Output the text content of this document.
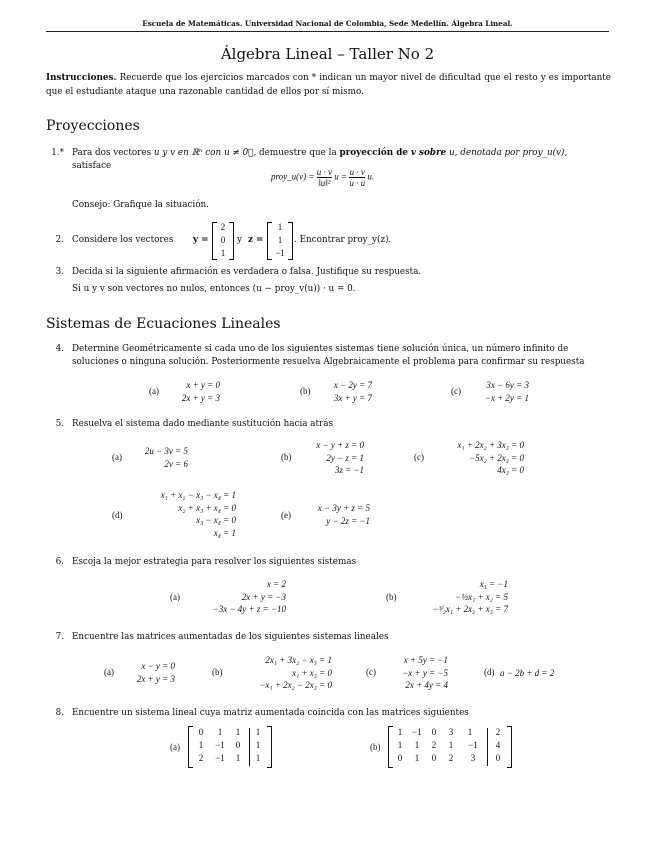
Escuela de Matemáticas. Universidad Nacional de Colombia, Sede Medellín. Álgebra Lineal.
Álgebra Lineal – Taller No 2
Instrucciones. Recuerde que los ejercicios marcados con * indican un mayor nivel de dificultad que el resto y es importante que el estudiante ataque una razonable cantidad de ellos por sí mismo.
Proyecciones
1.* Para dos vectores u y v en ℝⁿ con u ≠ 0⃗, demuestre que la proyección de v sobre u, denotada por proy_u(v),
satisface
proy_u(v) = $\frac{u \cdot v}{\text{‖u‖²}}$ $u = \frac{u \cdot v}{u \cdot u} u$.
Consejo: Grafique la situación.
2. Considere los vectores y =
2
0
1
y z =
1
1
−1
. Encontrar proy_y(z).
3. Decida si la siguiente afirmación es verdadera o falsa. Justifique su respuesta.
Si u y v son vectores no nulos, entonces (u − proy_v(u)) · u = 0.
Sistemas de Ecuaciones Lineales
4. Determine Geométricamente si cada uno de los siguientes sistemas tiene solución única, un número infinito de
soluciones o ninguna solución. Posteriormente resuelva Algebraicamente el problema para confirmar su respuesta
(a)
x + y = 0
2x + y = 3
(b)
x − 2y = 7
3x + y = 7
(c)
3x − 6y = 3
−x + 2y = 1
5. Resuelva el sistema dado mediante sustitución hacia atrás
(a)
2u − 3v = 5
2v = 6
(b)
x − y + z = 0
2y − z = 1
3z = −1
(c)
x₁ + 2x₂ + 3x₃ = 0
−5x₂ + 2x₃ = 0
4x₃ = 0
(d)
x₁ + x₂ − x₃ − x₄ = 1
x₂ + x₃ + x₄ = 0
x₃ − x₄ = 0
x₄ = 1
(e)
x − 3y + z = 5
y − 2z = −1
6. Escoja la mejor estrategia para resolver los siguientes sistemas
(a)
x = 2
2x + y = −3
−3x − 4y + z = −10
(b)
x₁ = −1
−½x₁ + x₂ = 5
−³⁄₂x₁ + 2x₂ + x₃ = 7
7. Encuentre las matrices aumentadas de los siguientes sistemas lineales
(a)
x − y = 0
2x + y = 3
(b)
2x₁ + 3x₂ − x₃ = 1
x₁ + x₃ = 0
−x₁ + 2x₂ − 2x₃ = 0
(c)
x + 5y = −1
−x + y = −5
2x + 4y = 4
(d) a − 2b + d = 2
8. Encuentre un sistema lineal cuya matriz aumentada coincida con las matrices siguientes
(a)
0	1	1	1
1	−1	0	1
2	−1	1	1
(b)
1	−1	0	3	1	2
1	1	2	1	−1	4
0	1	0	2	3	0
